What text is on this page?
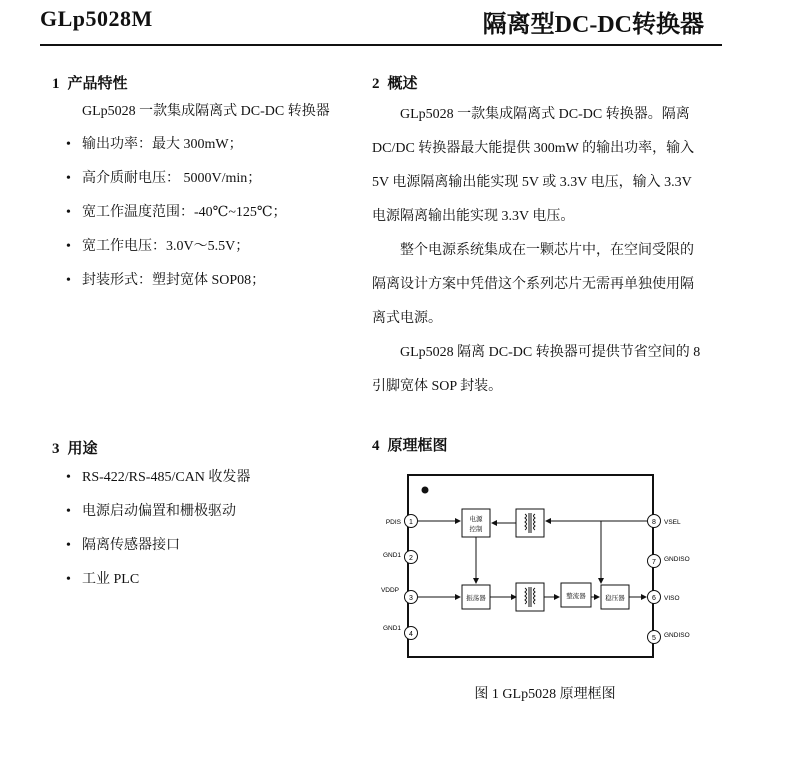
GLp5028M	隔离型DC-DC转换器
1 产品特性
GLp5028 一款集成隔离式 DC-DC 转换器
• 输出功率：最大 300mW；
• 高介质耐电压： 5000V/min；
• 宽工作温度范围：-40℃~125℃；
• 宽工作电压：3.0V～5.5V；
• 封装形式：塑封宽体 SOP08；
2 概述

GLp5028 一款集成隔离式 DC-DC 转换器。隔离

DC/DC 转换器最大能提供 300mW 的输出功率，输入

5V 电源隔离输出能实现 5V 或 3.3V 电压，输入 3.3V

电源隔离输出能实现 3.3V 电压。

整个电源系统集成在一颗芯片中，在空间受限的

隔离设计方案中凭借这个系列芯片无需再单独使用隔

离式电源。

GLp5028 隔离 DC-DC 转换器可提供节省空间的 8

引脚宽体 SOP 封装。

3 用途
• RS-422/RS-485/CAN 收发器
• 电源启动偏置和栅极驱动
• 隔离传感器接口
• 工业 PLC
4 原理框图
1
PDIS
2
GND1
3
VDDP
4
GND1
8 VSEL
7 GNDISO
6 VISO
5 GNDISO
电源
控制
振荡器	整流器	稳压器
图 1 GLp5028 原理框图
